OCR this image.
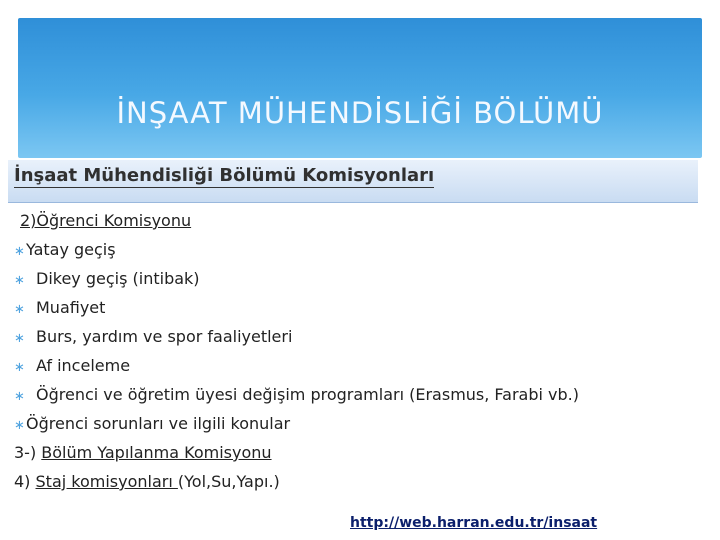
İNŞAAT MÜHENDİSLİĞİ BÖLÜMÜ
İnşaat Mühendisliği Bölümü Komisyonları
2)Öğrenci Komisyonu
∗Yatay geçiş
∗ Dikey geçiş (intibak)
∗ Muafiyet
∗ Burs, yardım ve spor faaliyetleri
∗ Af inceleme
∗ Öğrenci ve öğretim üyesi değişim programları (Erasmus, Farabi vb.)
∗Öğrenci sorunları ve ilgili konular
3-) Bölüm Yapılanma Komisyonu
4) Staj komisyonları (Yol,Su,Yapı.)
http://web.harran.edu.tr/insaat
